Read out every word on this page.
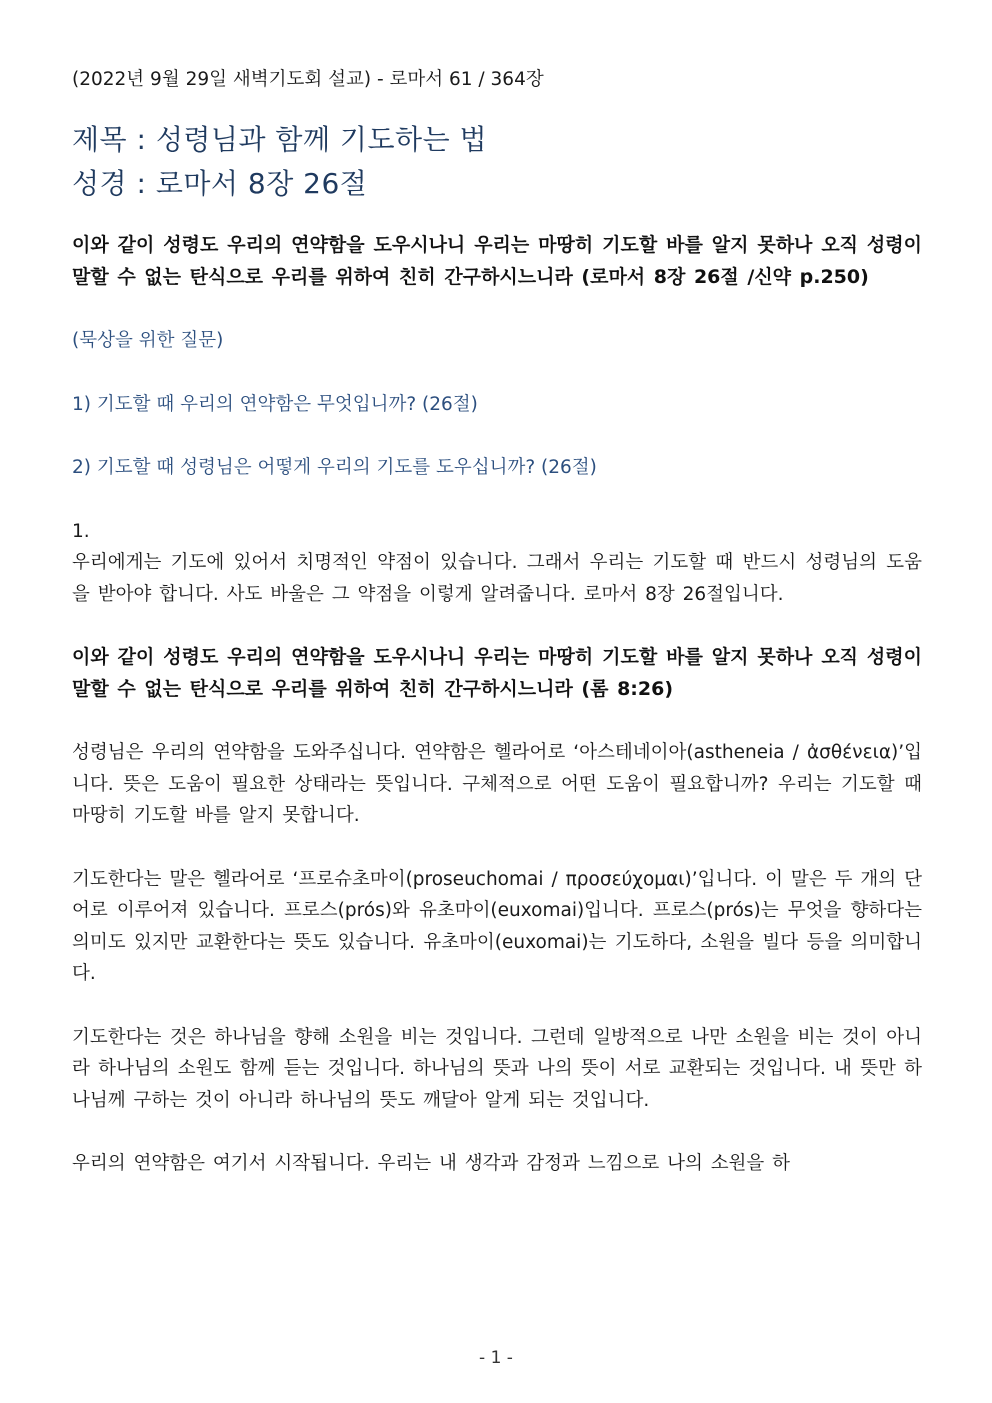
(2022년 9월 29일 새벽기도회 설교) - 로마서 61 / 364장

제목 : 성령님과 함께 기도하는 법

성경 : 로마서 8장 26절

이와 같이 성령도 우리의 연약함을 도우시나니 우리는 마땅히 기도할 바를 알지 못하나 오직 성령이 말할 수 없는 탄식으로 우리를 위하여 친히 간구하시느니라 (로마서 8장 26절 /신약 p.250)

(묵상을 위한 질문)

1) 기도할 때 우리의 연약함은 무엇입니까? (26절)

2) 기도할 때 성령님은 어떻게 우리의 기도를 도우십니까? (26절)

1.

우리에게는 기도에 있어서 치명적인 약점이 있습니다. 그래서 우리는 기도할 때 반드시 성령님의 도움을 받아야 합니다. 사도 바울은 그 약점을 이렇게 알려줍니다. 로마서 8장 26절입니다.

이와 같이 성령도 우리의 연약함을 도우시나니 우리는 마땅히 기도할 바를 알지 못하나 오직 성령이 말할 수 없는 탄식으로 우리를 위하여 친히 간구하시느니라 (롬 8:26)

성령님은 우리의 연약함을 도와주십니다. 연약함은 헬라어로 ‘아스테네이아(astheneia / ἀσθένεια)’입니다. 뜻은 도움이 필요한 상태라는 뜻입니다. 구체적으로 어떤 도움이 필요합니까? 우리는 기도할 때 마땅히 기도할 바를 알지 못합니다.

기도한다는 말은 헬라어로 ‘프로슈초마이(proseuchomai / προσεύχομαι)’입니다. 이 말은 두 개의 단어로 이루어져 있습니다. 프로스(prós)와 유초마이(euxomai)입니다. 프로스(prós)는 무엇을 향하다는 의미도 있지만 교환한다는 뜻도 있습니다. 유초마이(euxomai)는 기도하다, 소원을 빌다 등을 의미합니다.

기도한다는 것은 하나님을 향해 소원을 비는 것입니다. 그런데 일방적으로 나만 소원을 비는 것이 아니라 하나님의 소원도 함께 듣는 것입니다. 하나님의 뜻과 나의 뜻이 서로 교환되는 것입니다. 내 뜻만 하나님께 구하는 것이 아니라 하나님의 뜻도 깨달아 알게 되는 것입니다.

우리의 연약함은 여기서 시작됩니다. 우리는 내 생각과 감정과 느낌으로 나의 소원을 하

- 1 -
